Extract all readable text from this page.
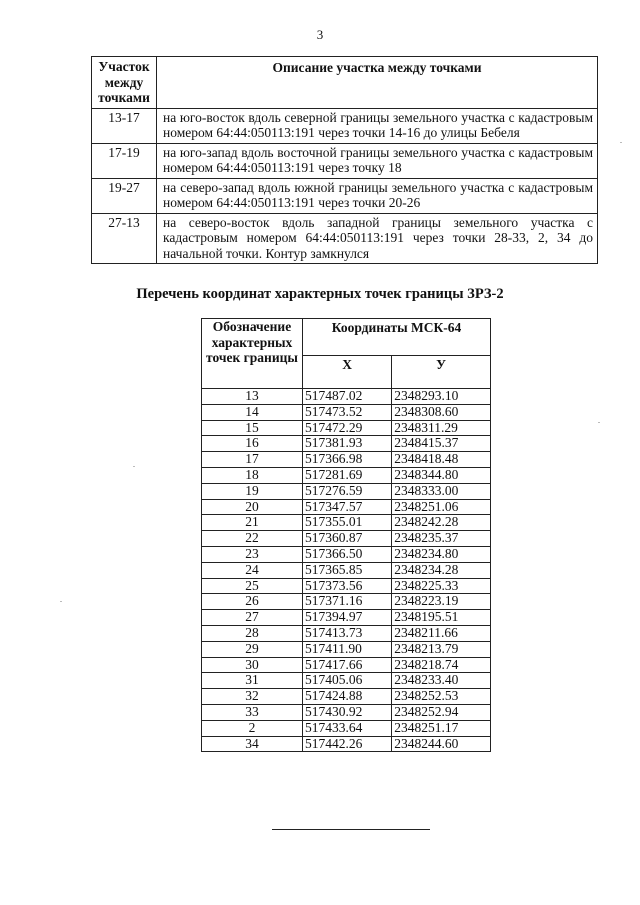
3
Участок между точками	Описание участка между точками
13-17	на юго-восток вдоль северной границы земельного участка с кадастровым номером 64:44:050113:191 через точки 14-16 до улицы Бебеля
17-19	на юго-запад вдоль восточной границы земельного участка с кадастровым номером 64:44:050113:191 через точку 18
19-27	на северо-запад вдоль южной границы земельного участка с кадастровым номером 64:44:050113:191 через точки 20-26
27-13	на северо-восток вдоль западной границы земельного участка с кадастровым номером 64:44:050113:191 через точки 28-33, 2, 34 до начальной точки. Контур замкнулся
Перечень координат характерных точек границы ЗРЗ-2
Обозначение характерных точек границы	Координаты МСК-64	
	X	У
13	517487.02	2348293.10
14	517473.52	2348308.60
15	517472.29	2348311.29
16	517381.93	2348415.37
17	517366.98	2348418.48
18	517281.69	2348344.80
19	517276.59	2348333.00
20	517347.57	2348251.06
21	517355.01	2348242.28
22	517360.87	2348235.37
23	517366.50	2348234.80
24	517365.85	2348234.28
25	517373.56	2348225.33
26	517371.16	2348223.19
27	517394.97	2348195.51
28	517413.73	2348211.66
29	517411.90	2348213.79
30	517417.66	2348218.74
31	517405.06	2348233.40
32	517424.88	2348252.53
33	517430.92	2348252.94
2	517433.64	2348251.17
34	517442.26	2348244.60
